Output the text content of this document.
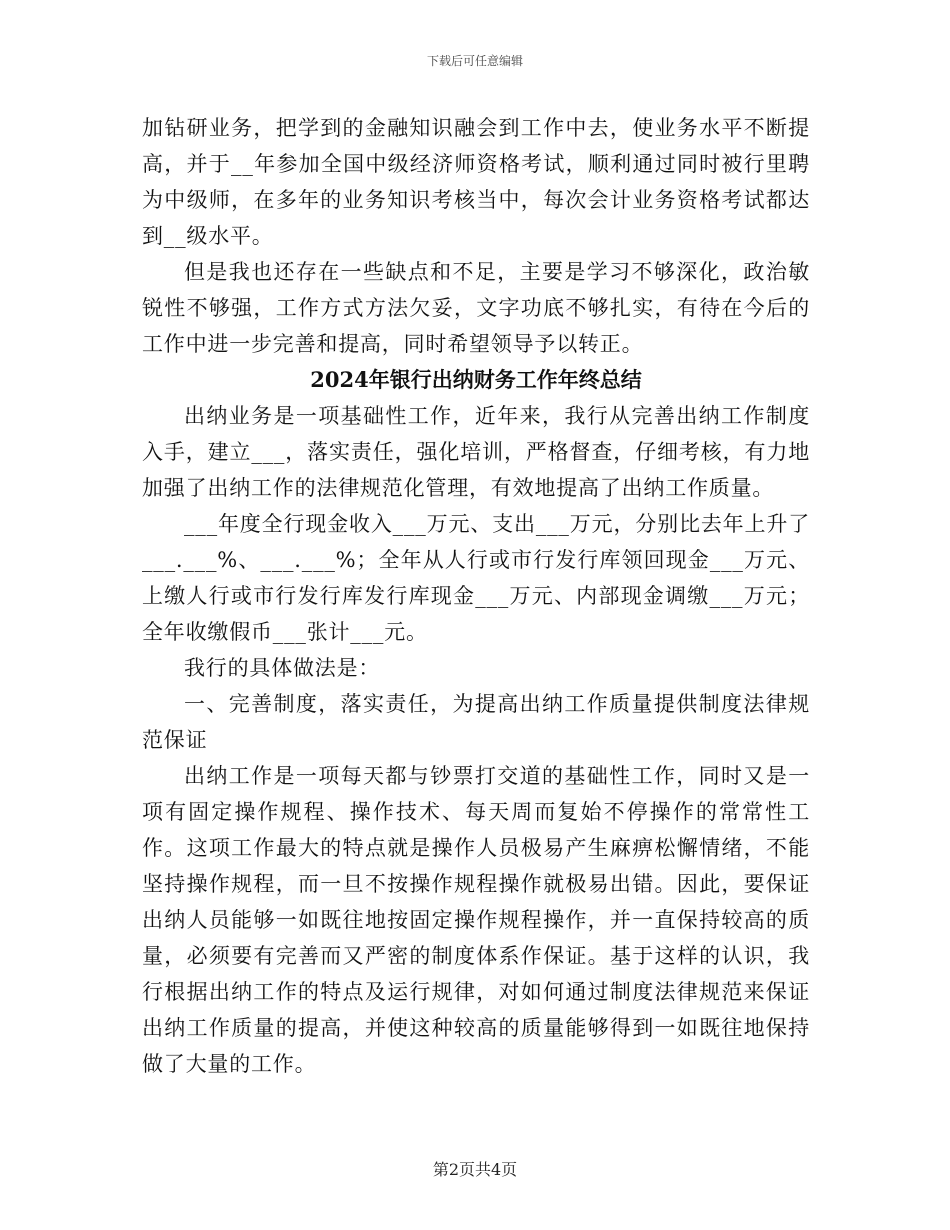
下载后可任意编辑

加钻研业务，把学到的金融知识融会到工作中去，使业务水平不断提高，并于__年参加全国中级经济师资格考试，顺利通过同时被行里聘为中级师，在多年的业务知识考核当中，每次会计业务资格考试都达到__级水平。

但是我也还存在一些缺点和不足，主要是学习不够深化，政治敏锐性不够强，工作方式方法欠妥，文字功底不够扎实，有待在今后的工作中进一步完善和提高，同时希望领导予以转正。

2024年银行出纳财务工作年终总结

出纳业务是一项基础性工作，近年来，我行从完善出纳工作制度入手，建立___，落实责任，强化培训，严格督查，仔细考核，有力地加强了出纳工作的法律规范化管理，有效地提高了出纳工作质量。

___年度全行现金收入___万元、支出___万元，分别比去年上升了___.___%、___.___%；全年从人行或市行发行库领回现金___万元、上缴人行或市行发行库发行库现金___万元、内部现金调缴___万元；全年收缴假币___张计___元。

我行的具体做法是：

一、完善制度，落实责任，为提高出纳工作质量提供制度法律规范保证

出纳工作是一项每天都与钞票打交道的基础性工作，同时又是一项有固定操作规程、操作技术、每天周而复始不停操作的常常性工作。这项工作最大的特点就是操作人员极易产生麻痹松懈情绪，不能坚持操作规程，而一旦不按操作规程操作就极易出错。因此，要保证出纳人员能够一如既往地按固定操作规程操作，并一直保持较高的质量，必须要有完善而又严密的制度体系作保证。基于这样的认识，我行根据出纳工作的特点及运行规律，对如何通过制度法律规范来保证出纳工作质量的提高，并使这种较高的质量能够得到一如既往地保持做了大量的工作。

第2页共4页
